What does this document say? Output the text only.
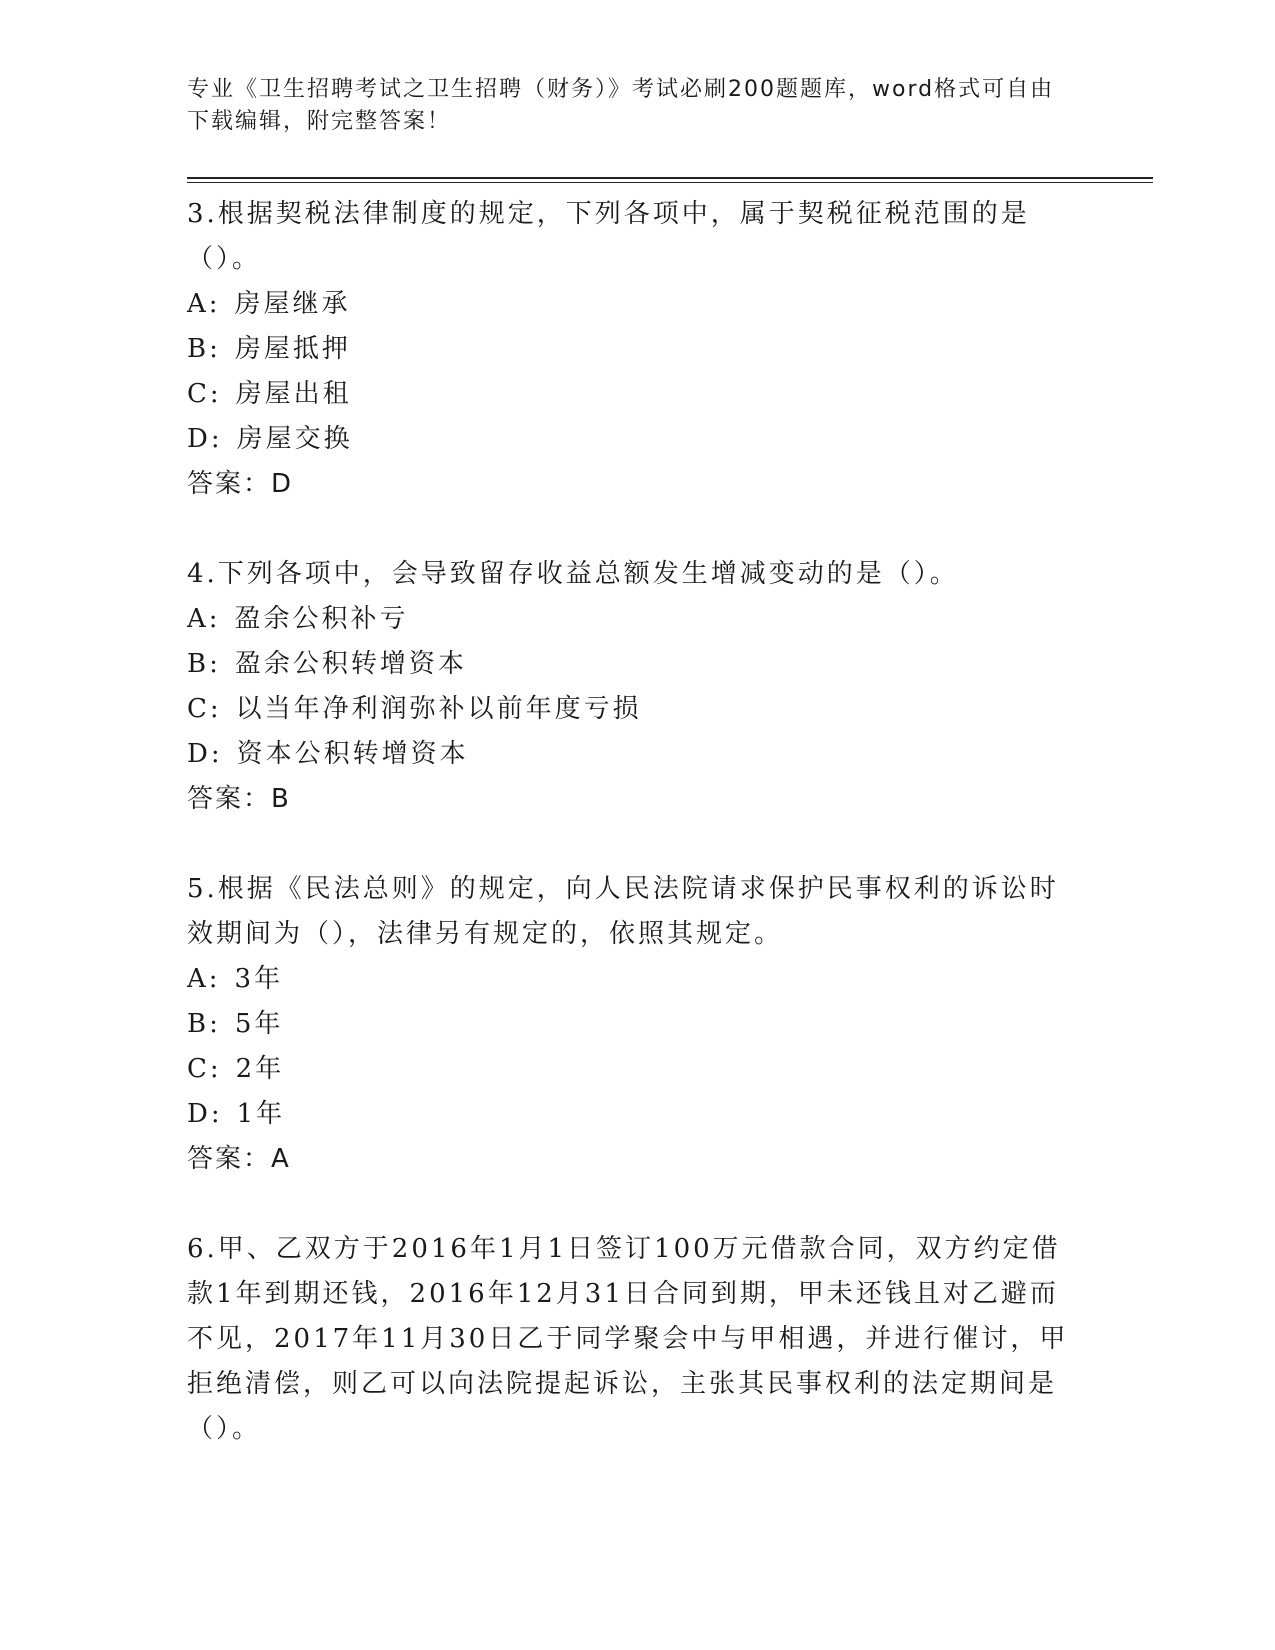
专业《卫生招聘考试之卫生招聘（财务）》考试必刷200题题库，word格式可自由下载编辑，附完整答案！
3.根据契税法律制度的规定，下列各项中，属于契税征税范围的是（）。
A: 房屋继承
B: 房屋抵押
C: 房屋出租
D: 房屋交换
答案：D
4.下列各项中，会导致留存收益总额发生增减变动的是（）。
A: 盈余公积补亏
B: 盈余公积转增资本
C: 以当年净利润弥补以前年度亏损
D: 资本公积转增资本
答案：B
5.根据《民法总则》的规定，向人民法院请求保护民事权利的诉讼时效期间为（），法律另有规定的，依照其规定。
A: 3年
B: 5年
C: 2年
D: 1年
答案：A
6.甲、乙双方于2016年1月1日签订100万元借款合同，双方约定借款1年到期还钱，2016年12月31日合同到期，甲未还钱且对乙避而不见，2017年11月30日乙于同学聚会中与甲相遇，并进行催讨，甲拒绝清偿，则乙可以向法院提起诉讼，主张其民事权利的法定期间是（）。
